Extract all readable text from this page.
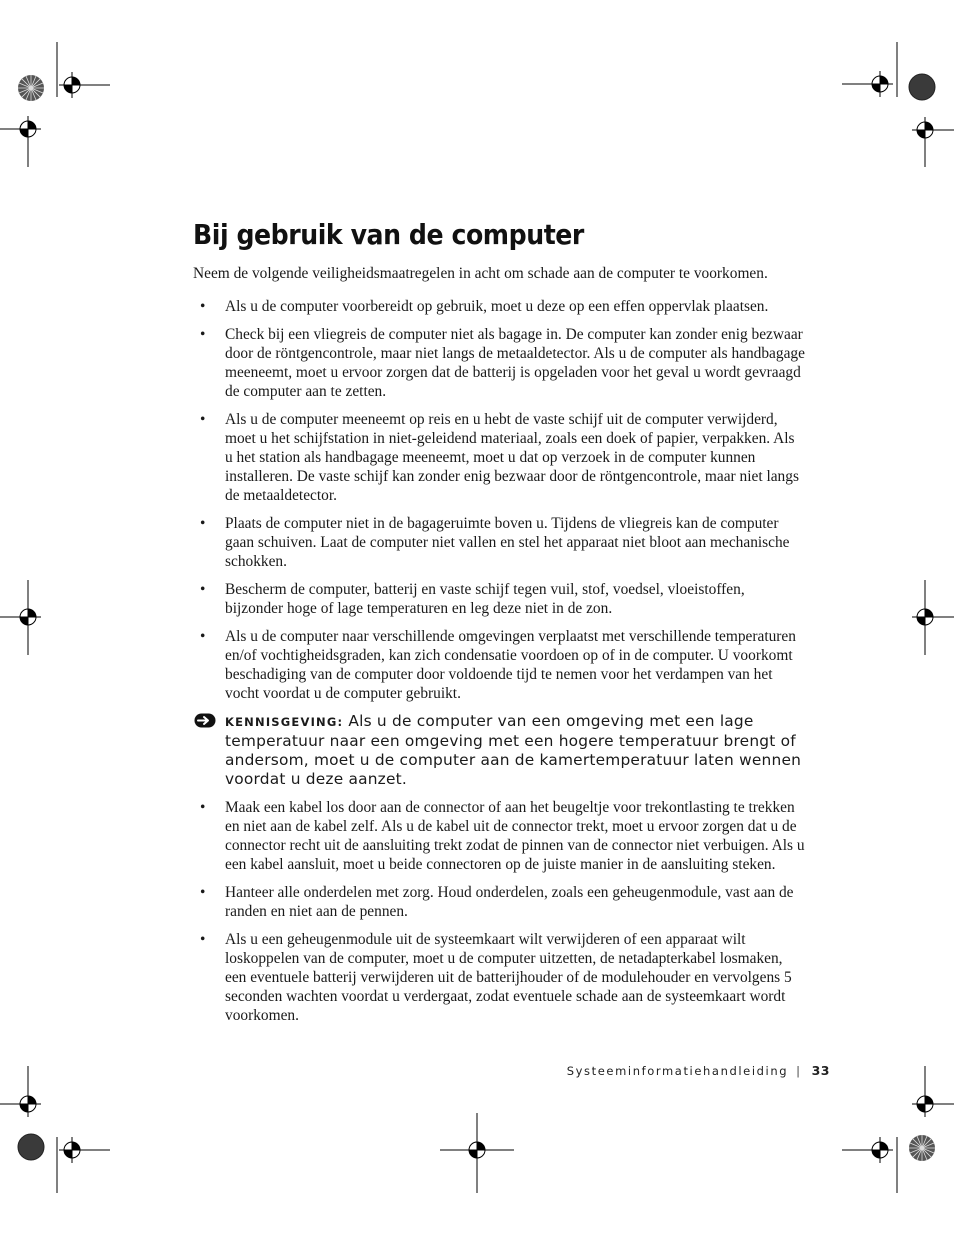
Bij gebruik van de computer

Neem de volgende veiligheidsmaatregelen in acht om schade aan de computer te voorkomen.

• Als u de computer voorbereidt op gebruik, moet u deze op een effen oppervlak plaatsen.
• Check bij een vliegreis de computer niet als bagage in. De computer kan zonder enig bezwaar door de röntgencontrole, maar niet langs de metaaldetector. Als u de computer als handbagage meeneemt, moet u ervoor zorgen dat de batterij is opgeladen voor het geval u wordt gevraagd de computer aan te zetten.
• Als u de computer meeneemt op reis en u hebt de vaste schijf uit de computer verwijderd, moet u het schijfstation in niet-geleidend materiaal, zoals een doek of papier, verpakken. Als u het station als handbagage meeneemt, moet u dat op verzoek in de computer kunnen installeren. De vaste schijf kan zonder enig bezwaar door de röntgencontrole, maar niet langs de metaaldetector.
• Plaats de computer niet in de bagageruimte boven u. Tijdens de vliegreis kan de computer gaan schuiven. Laat de computer niet vallen en stel het apparaat niet bloot aan mechanische schokken.
• Bescherm de computer, batterij en vaste schijf tegen vuil, stof, voedsel, vloeistoffen, bijzonder hoge of lage temperaturen en leg deze niet in de zon.
• Als u de computer naar verschillende omgevingen verplaatst met verschillende temperaturen en/of vochtigheidsgraden, kan zich condensatie voordoen op of in de computer. U voorkomt beschadiging van de computer door voldoende tijd te nemen voor het verdampen van het vocht voordat u de computer gebruikt.
KENNISGEVING: Als u de computer van een omgeving met een lage temperatuur naar een omgeving met een hogere temperatuur brengt of andersom, moet u de computer aan de kamertemperatuur laten wennen voordat u deze aanzet.
• Maak een kabel los door aan de connector of aan het beugeltje voor trekontlasting te trekken en niet aan de kabel zelf. Als u de kabel uit de connector trekt, moet u ervoor zorgen dat u de connector recht uit de aansluiting trekt zodat de pinnen van de connector niet verbuigen. Als u een kabel aansluit, moet u beide connectoren op de juiste manier in de aansluiting steken.
• Hanteer alle onderdelen met zorg. Houd onderdelen, zoals een geheugenmodule, vast aan de randen en niet aan de pennen.
• Als u een geheugenmodule uit de systeemkaart wilt verwijderen of een apparaat wilt loskoppelen van de computer, moet u de computer uitzetten, de netadapterkabel losmaken, een eventuele batterij verwijderen uit de batterijhouder of de modulehouder en vervolgens 5 seconden wachten voordat u verdergaat, zodat eventuele schade aan de systeemkaart wordt voorkomen.
Systeeminformatiehandleiding | 33
